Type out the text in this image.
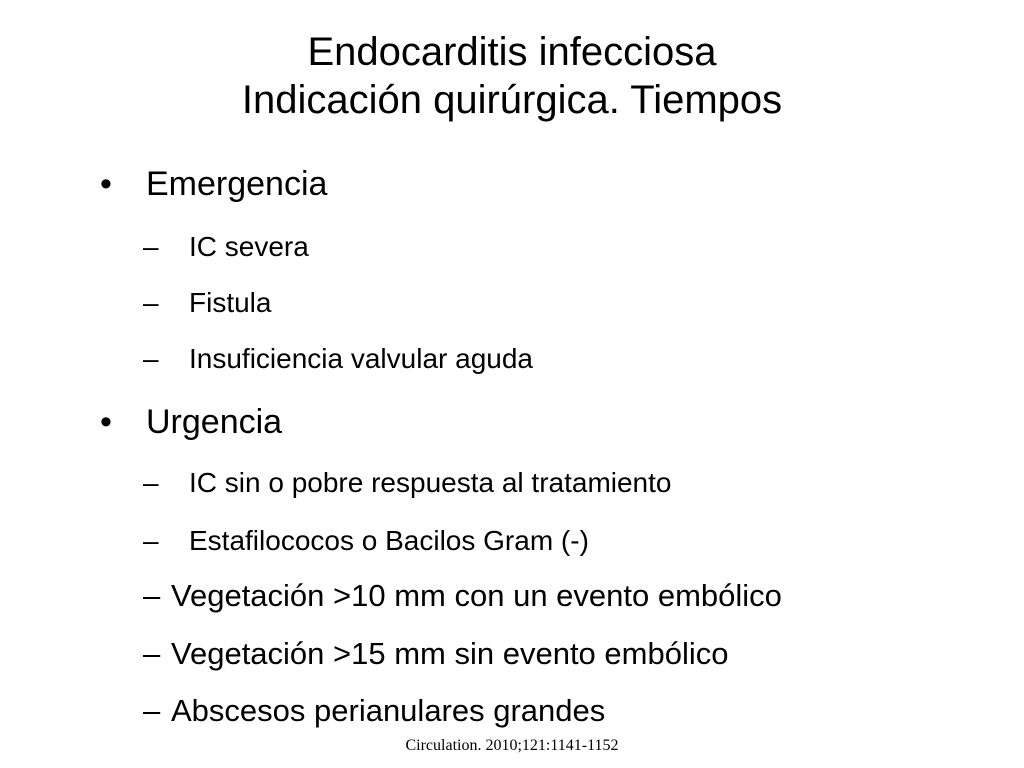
Endocarditis infecciosa
Indicación quirúrgica. Tiempos
• Emergencia
– IC severa
– Fistula
– Insuficiencia valvular aguda
• Urgencia
– IC sin o pobre respuesta al tratamiento
– Estafilococos o Bacilos Gram (-)
– Vegetación >10 mm con un evento embólico
– Vegetación >15 mm sin evento embólico
– Abscesos perianulares grandes
Circulation. 2010;121:1141-1152
